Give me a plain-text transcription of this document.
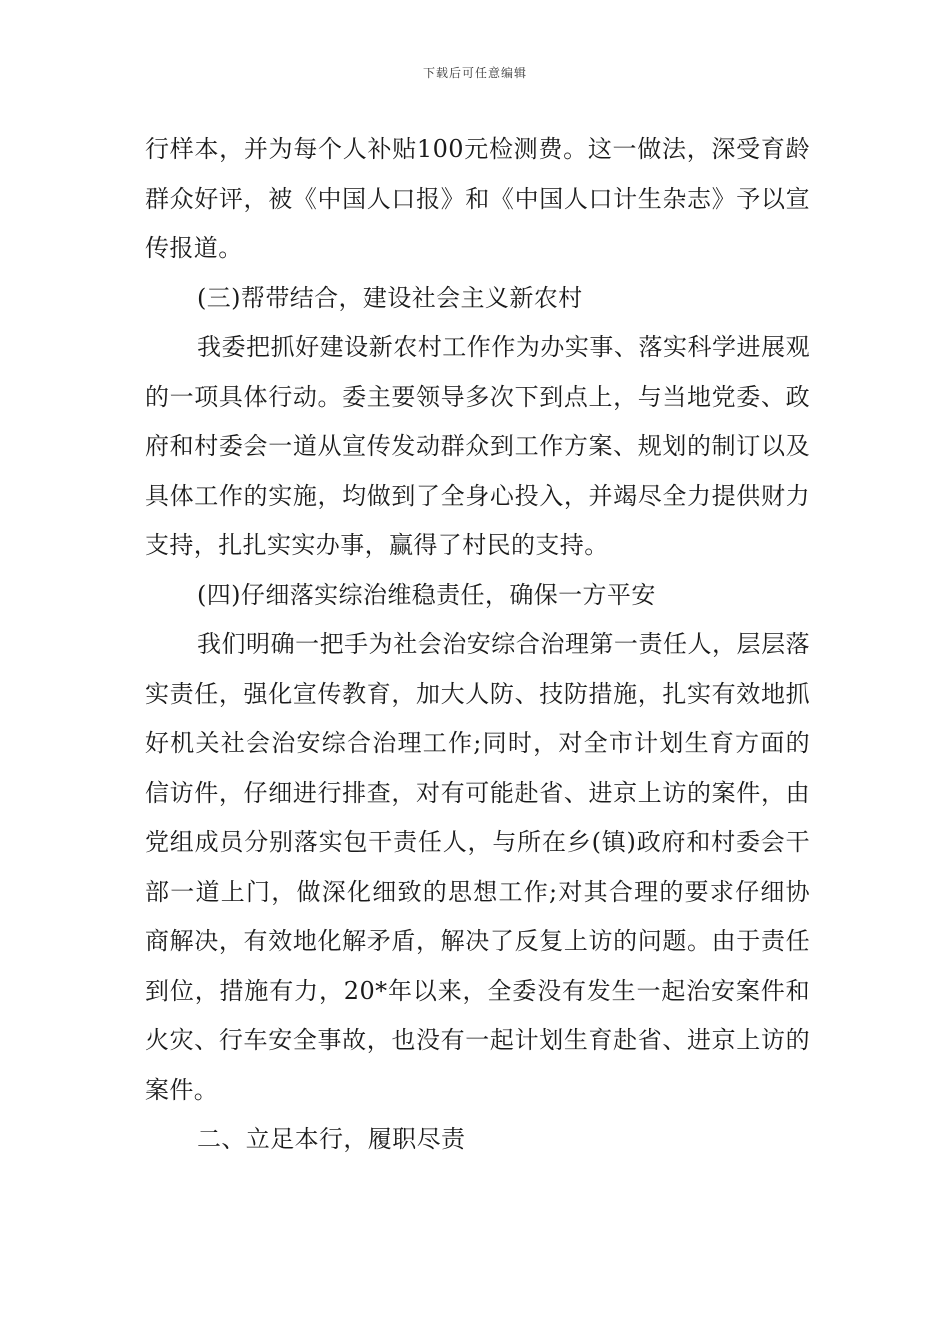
下载后可任意编辑

行样本，并为每个人补贴100元检测费。这一做法，深受育龄群众好评，被《中国人口报》和《中国人口计生杂志》予以宣传报道。

(三)帮带结合，建设社会主义新农村

我委把抓好建设新农村工作作为办实事、落实科学进展观的一项具体行动。委主要领导多次下到点上，与当地党委、政府和村委会一道从宣传发动群众到工作方案、规划的制订以及具体工作的实施，均做到了全身心投入，并竭尽全力提供财力支持，扎扎实实办事，赢得了村民的支持。

(四)仔细落实综治维稳责任，确保一方平安

我们明确一把手为社会治安综合治理第一责任人，层层落实责任，强化宣传教育，加大人防、技防措施，扎实有效地抓好机关社会治安综合治理工作;同时，对全市计划生育方面的信访件，仔细进行排查，对有可能赴省、进京上访的案件，由党组成员分别落实包干责任人，与所在乡(镇)政府和村委会干部一道上门，做深化细致的思想工作;对其合理的要求仔细协商解决，有效地化解矛盾，解决了反复上访的问题。由于责任到位，措施有力，20*年以来，全委没有发生一起治安案件和火灾、行车安全事故，也没有一起计划生育赴省、进京上访的案件。

二、立足本行，履职尽责
